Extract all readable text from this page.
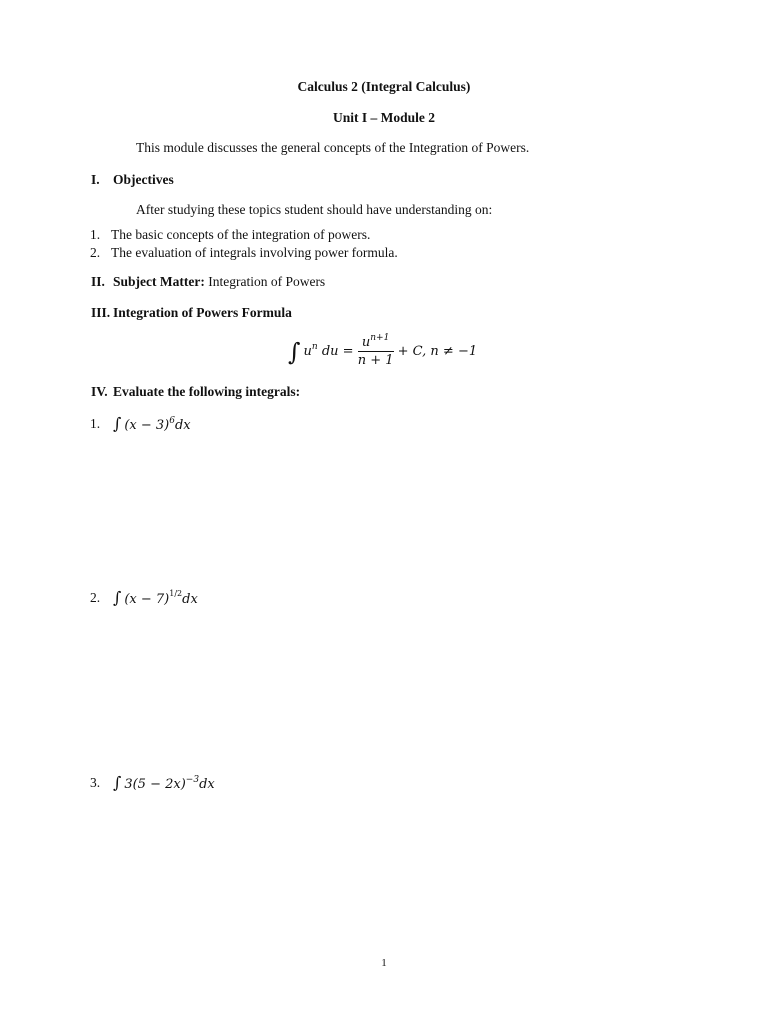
Calculus 2 (Integral Calculus)
Unit I – Module 2
This module discusses the general concepts of the Integration of Powers.
I. Objectives
After studying these topics student should have understanding on:
1. The basic concepts of the integration of powers.
2. The evaluation of integrals involving power formula.
II. Subject Matter: Integration of Powers
III. Integration of Powers Formula
∫ $u^n$ du = $\frac{u^{n+1}}{n + 1} + C$, n ≠ −1
IV. Evaluate the following integrals:
1. ∫ $(x - 3)^6dx$
2. ∫ $(x - 7)^{1/2}dx$
3. ∫ $3(5 - 2x)^{-3}dx$
1
